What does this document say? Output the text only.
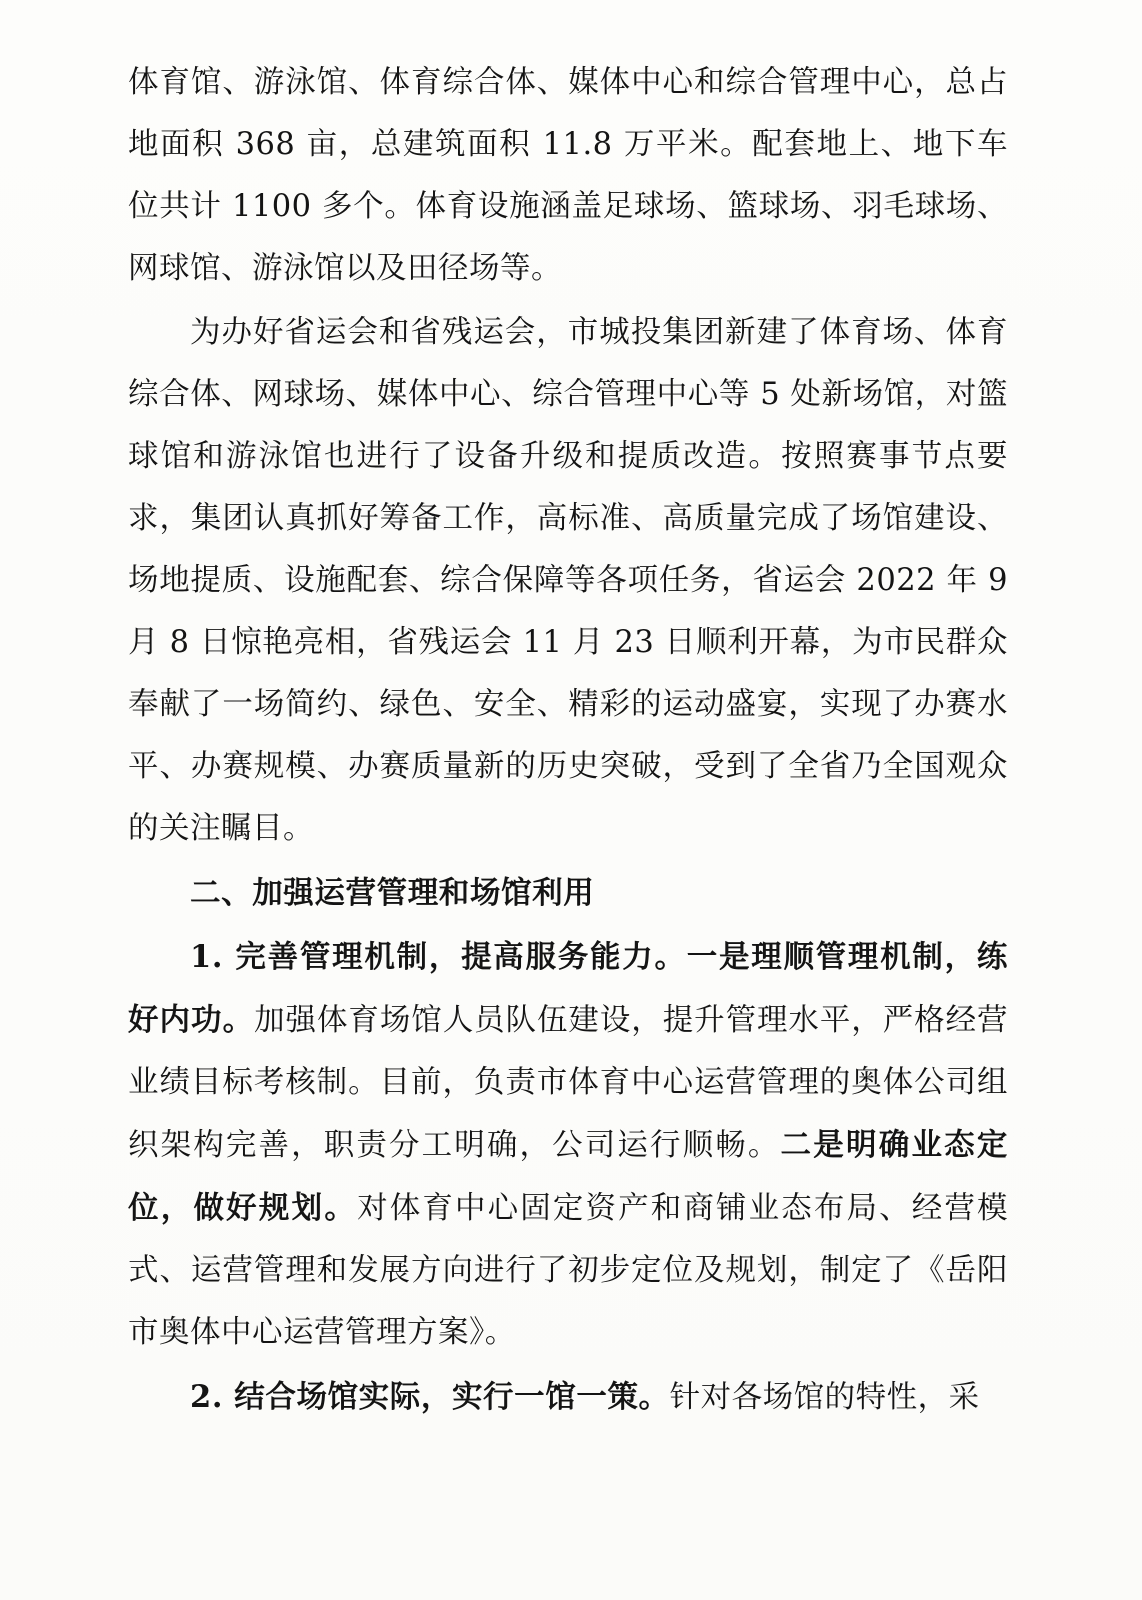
体育馆、游泳馆、体育综合体、媒体中心和综合管理中心，总占地面积 368 亩，总建筑面积 11.8 万平米。配套地上、地下车位共计 1100 多个。体育设施涵盖足球场、篮球场、羽毛球场、网球馆、游泳馆以及田径场等。

为办好省运会和省残运会，市城投集团新建了体育场、体育综合体、网球场、媒体中心、综合管理中心等 5 处新场馆，对篮球馆和游泳馆也进行了设备升级和提质改造。按照赛事节点要求，集团认真抓好筹备工作，高标准、高质量完成了场馆建设、场地提质、设施配套、综合保障等各项任务，省运会 2022 年 9 月 8 日惊艳亮相，省残运会 11 月 23 日顺利开幕，为市民群众奉献了一场简约、绿色、安全、精彩的运动盛宴，实现了办赛水平、办赛规模、办赛质量新的历史突破，受到了全省乃全国观众的关注瞩目。

二、加强运营管理和场馆利用

1. 完善管理机制，提高服务能力。一是理顺管理机制，练好内功。加强体育场馆人员队伍建设，提升管理水平，严格经营业绩目标考核制。目前，负责市体育中心运营管理的奥体公司组织架构完善，职责分工明确，公司运行顺畅。二是明确业态定位，做好规划。对体育中心固定资产和商铺业态布局、经营模式、运营管理和发展方向进行了初步定位及规划，制定了《岳阳市奥体中心运营管理方案》。

2. 结合场馆实际，实行一馆一策。针对各场馆的特性，采
